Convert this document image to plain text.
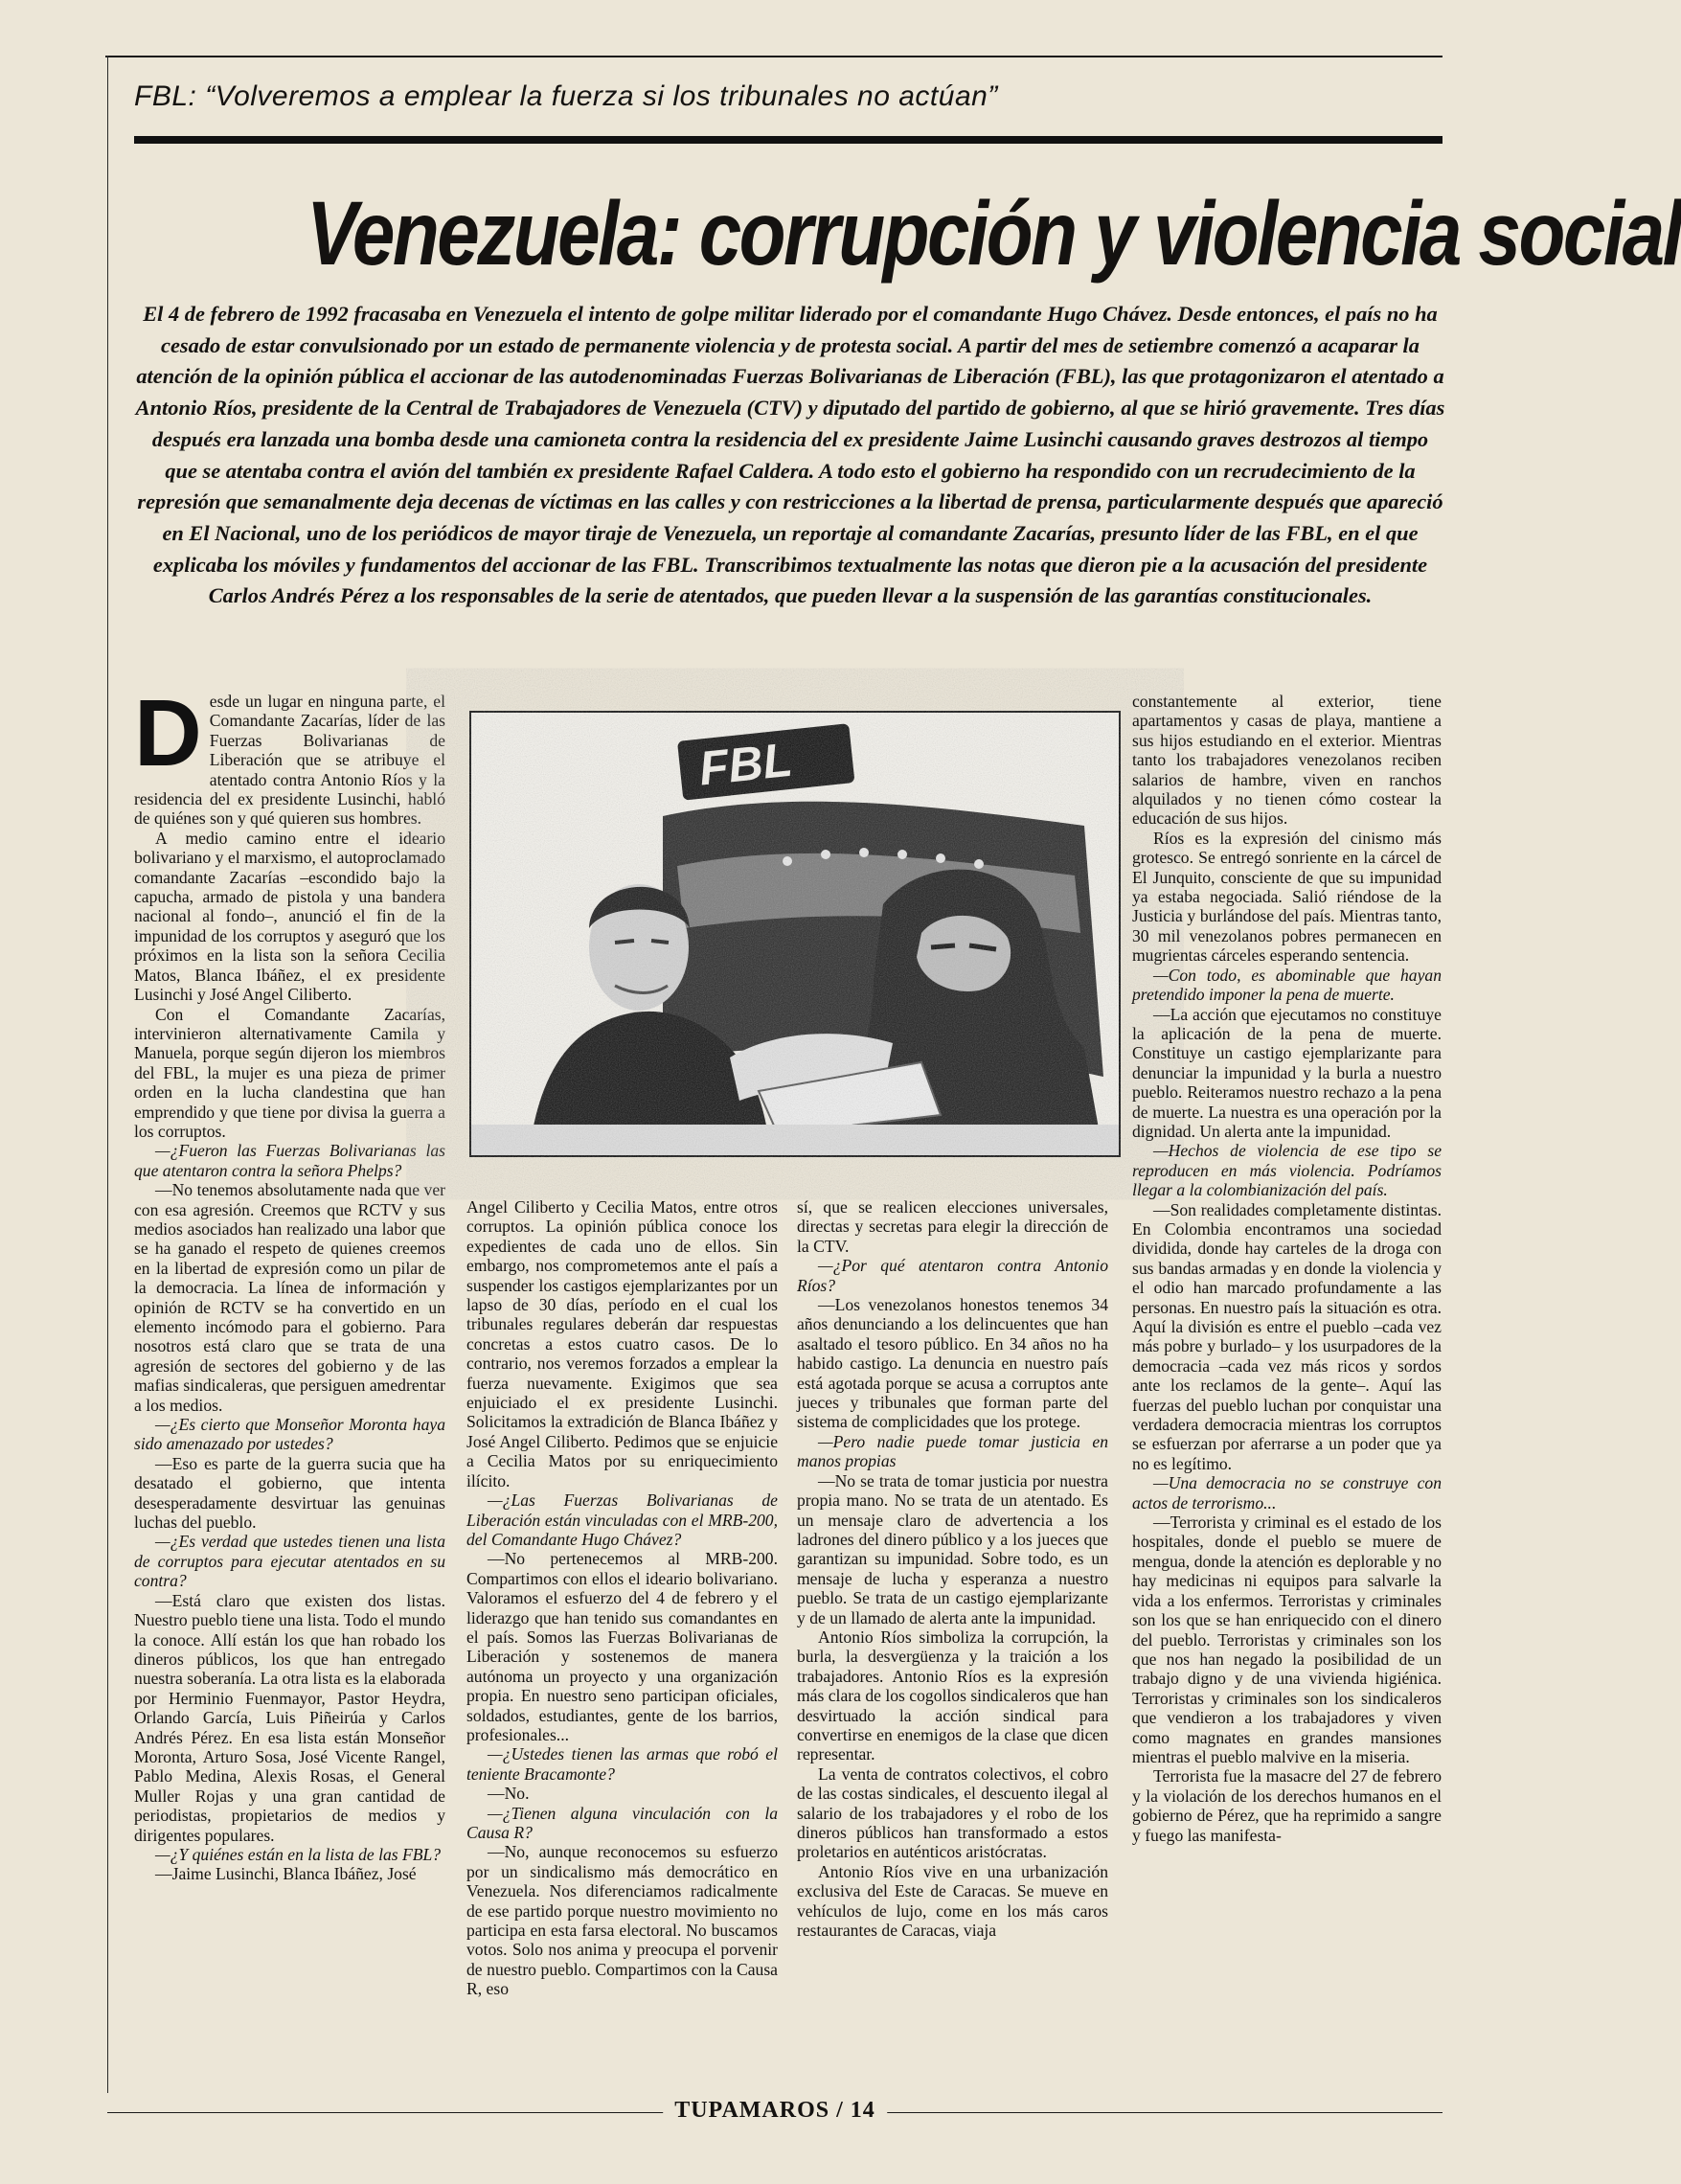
FBL: “Volveremos a emplear la fuerza si los tribunales no actúan”
Venezuela: corrupción y violencia social

El 4 de febrero de 1992 fracasaba en Venezuela el intento de golpe militar liderado por el comandante Hugo Chávez. Desde entonces, el país no ha cesado de estar convulsionado por un estado de permanente violencia y de protesta social. A partir del mes de setiembre comenzó a acaparar la atención de la opinión pública el accionar de las autodenominadas Fuerzas Bolivarianas de Liberación (FBL), las que protagonizaron el atentado a Antonio Ríos, presidente de la Central de Trabajadores de Venezuela (CTV) y diputado del partido de gobierno, al que se hirió gravemente. Tres días después era lanzada una bomba desde una camioneta contra la residencia del ex presidente Jaime Lusinchi causando graves destrozos al tiempo que se atentaba contra el avión del también ex presidente Rafael Caldera. A todo esto el gobierno ha respondido con un recrudecimiento de la represión que semanalmente deja decenas de víctimas en las calles y con restricciones a la libertad de prensa, particularmente después que apareció en El Nacional, uno de los periódicos de mayor tiraje de Venezuela, un reportaje al comandante Zacarías, presunto líder de las FBL, en el que explicaba los móviles y fundamentos del accionar de las FBL. Transcribimos textualmente las notas que dieron pie a la acusación del presidente Carlos Andrés Pérez a los responsables de la serie de atentados, que pueden llevar a la suspensión de las garantías constitucionales.

D esde un lugar en ninguna parte, el Comandante Zacarías, líder de las Fuerzas Bolivarianas de Liberación que se atribuye el atentado contra Antonio Ríos y la residencia del ex presidente Lusinchi, habló de quiénes son y qué quieren sus hombres.

A medio camino entre el ideario bolivariano y el marxismo, el autoproclamado comandante Zacarías –escondido bajo la capucha, armado de pistola y una bandera nacional al fondo–, anunció el fin de la impunidad de los corruptos y aseguró que los próximos en la lista son la señora Cecilia Matos, Blanca Ibáñez, el ex presidente Lusinchi y José Angel Ciliberto.

Con el Comandante Zacarías, intervinieron alternativamente Camila y Manuela, porque según dijeron los miembros del FBL, la mujer es una pieza de primer orden en la lucha clandestina que han emprendido y que tiene por divisa la guerra a los corruptos.

—¿Fueron las Fuerzas Bolivarianas las que atentaron contra la señora Phelps?

—No tenemos absolutamente nada que ver con esa agresión. Creemos que RCTV y sus medios asociados han realizado una labor que se ha ganado el respeto de quienes creemos en la libertad de expresión como un pilar de la democracia. La línea de información y opinión de RCTV se ha convertido en un elemento incómodo para el gobierno. Para nosotros está claro que se trata de una agresión de sectores del gobierno y de las mafias sindicaleras, que persiguen amedrentar a los medios.

—¿Es cierto que Monseñor Moronta haya sido amenazado por ustedes?

—Eso es parte de la guerra sucia que ha desatado el gobierno, que intenta desesperadamente desvirtuar las genuinas luchas del pueblo.

—¿Es verdad que ustedes tienen una lista de corruptos para ejecutar atentados en su contra?

—Está claro que existen dos listas. Nuestro pueblo tiene una lista. Todo el mundo la conoce. Allí están los que han robado los dineros públicos, los que han entregado nuestra soberanía. La otra lista es la elaborada por Herminio Fuenmayor, Pastor Heydra, Orlando García, Luis Piñeirúa y Carlos Andrés Pérez. En esa lista están Monseñor Moronta, Arturo Sosa, José Vicente Rangel, Pablo Medina, Alexis Rosas, el General Muller Rojas y una gran cantidad de periodistas, propietarios de medios y dirigentes populares.

—¿Y quiénes están en la lista de las FBL?

—Jaime Lusinchi, Blanca Ibáñez, José

Angel Ciliberto y Cecilia Matos, entre otros corruptos. La opinión pública conoce los expedientes de cada uno de ellos. Sin embargo, nos comprometemos ante el país a suspender los castigos ejemplarizantes por un lapso de 30 días, período en el cual los tribunales regulares deberán dar respuestas concretas a estos cuatro casos. De lo contrario, nos veremos forzados a emplear la fuerza nuevamente. Exigimos que sea enjuiciado el ex presidente Lusinchi. Solicitamos la extradición de Blanca Ibáñez y José Angel Ciliberto. Pedimos que se enjuicie a Cecilia Matos por su enriquecimiento ilícito.

—¿Las Fuerzas Bolivarianas de Liberación están vinculadas con el MRB-200, del Comandante Hugo Chávez?

—No pertenecemos al MRB-200. Compartimos con ellos el ideario bolivariano. Valoramos el esfuerzo del 4 de febrero y el liderazgo que han tenido sus comandantes en el país. Somos las Fuerzas Bolivarianas de Liberación y sostenemos de manera autónoma un proyecto y una organización propia. En nuestro seno participan oficiales, soldados, estudiantes, gente de los barrios, profesionales...

—¿Ustedes tienen las armas que robó el teniente Bracamonte?

—No.

—¿Tienen alguna vinculación con la Causa R?

—No, aunque reconocemos su esfuerzo por un sindicalismo más democrático en Venezuela. Nos diferenciamos radicalmente de ese partido porque nuestro movimiento no participa en esta farsa electoral. No buscamos votos. Solo nos anima y preocupa el porvenir de nuestro pueblo. Compartimos con la Causa R, eso

sí, que se realicen elecciones universales, directas y secretas para elegir la dirección de la CTV.

—¿Por qué atentaron contra Antonio Ríos?

—Los venezolanos honestos tenemos 34 años denunciando a los delincuentes que han asaltado el tesoro público. En 34 años no ha habido castigo. La denuncia en nuestro país está agotada porque se acusa a corruptos ante jueces y tribunales que forman parte del sistema de complicidades que los protege.

—Pero nadie puede tomar justicia en manos propias

—No se trata de tomar justicia por nuestra propia mano. No se trata de un atentado. Es un mensaje claro de advertencia a los ladrones del dinero público y a los jueces que garantizan su impunidad. Sobre todo, es un mensaje de lucha y esperanza a nuestro pueblo. Se trata de un castigo ejemplarizante y de un llamado de alerta ante la impunidad.

Antonio Ríos simboliza la corrupción, la burla, la desvergüenza y la traición a los trabajadores. Antonio Ríos es la expresión más clara de los cogollos sindicaleros que han desvirtuado la acción sindical para convertirse en enemigos de la clase que dicen representar.

La venta de contratos colectivos, el cobro de las costas sindicales, el descuento ilegal al salario de los trabajadores y el robo de los dineros públicos han transformado a estos proletarios en auténticos aristócratas.

Antonio Ríos vive en una urbanización exclusiva del Este de Caracas. Se mueve en vehículos de lujo, come en los más caros restaurantes de Caracas, viaja

constantemente al exterior, tiene apartamentos y casas de playa, mantiene a sus hijos estudiando en el exterior. Mientras tanto los trabajadores venezolanos reciben salarios de hambre, viven en ranchos alquilados y no tienen cómo costear la educación de sus hijos.

Ríos es la expresión del cinismo más grotesco. Se entregó sonriente en la cárcel de El Junquito, consciente de que su impunidad ya estaba negociada. Salió riéndose de la Justicia y burlándose del país. Mientras tanto, 30 mil venezolanos pobres permanecen en mugrientas cárceles esperando sentencia.

—Con todo, es abominable que hayan pretendido imponer la pena de muerte.

—La acción que ejecutamos no constituye la aplicación de la pena de muerte. Constituye un castigo ejemplarizante para denunciar la impunidad y la burla a nuestro pueblo. Reiteramos nuestro rechazo a la pena de muerte. La nuestra es una operación por la dignidad. Un alerta ante la impunidad.

—Hechos de violencia de ese tipo se reproducen en más violencia. Podríamos llegar a la colombianización del país.

—Son realidades completamente distintas. En Colombia encontramos una sociedad dividida, donde hay carteles de la droga con sus bandas armadas y en donde la violencia y el odio han marcado profundamente a las personas. En nuestro país la situación es otra. Aquí la división es entre el pueblo –cada vez más pobre y burlado– y los usurpadores de la democracia –cada vez más ricos y sordos ante los reclamos de la gente–. Aquí las fuerzas del pueblo luchan por conquistar una verdadera democracia mientras los corruptos se esfuerzan por aferrarse a un poder que ya no es legítimo.

—Una democracia no se construye con actos de terrorismo...

—Terrorista y criminal es el estado de los hospitales, donde el pueblo se muere de mengua, donde la atención es deplorable y no hay medicinas ni equipos para salvarle la vida a los enfermos. Terroristas y criminales son los que se han enriquecido con el dinero del pueblo. Terroristas y criminales son los que nos han negado la posibilidad de un trabajo digno y de una vivienda higiénica. Terroristas y criminales son los sindicaleros que vendieron a los trabajadores y viven como magnates en grandes mansiones mientras el pueblo malvive en la miseria.

Terrorista fue la masacre del 27 de febrero y la violación de los derechos humanos en el gobierno de Pérez, que ha reprimido a sangre y fuego las manifesta-

TUPAMAROS / 14
